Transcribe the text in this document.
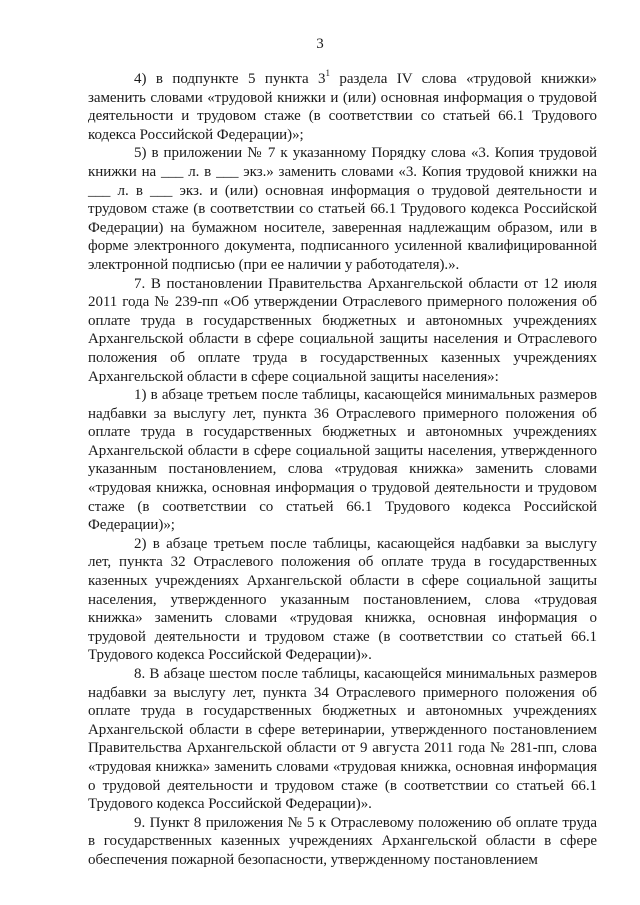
3

4) в подпункте 5 пункта $3^1$ раздела IV слова «трудовой книжки» заменить словами «трудовой книжки и (или) основная информация о трудовой деятельности и трудовом стаже (в соответствии со статьей 66.1 Трудового кодекса Российской Федерации)»;

5) в приложении № 7 к указанному Порядку слова «3. Копия трудовой книжки на ___ л. в ___ экз.» заменить словами «3. Копия трудовой книжки на ___ л. в ___ экз. и (или) основная информация о трудовой деятельности и трудовом стаже (в соответствии со статьей 66.1 Трудового кодекса Российской Федерации) на бумажном носителе, заверенная надлежащим образом, или в форме электронного документа, подписанного усиленной квалифицированной электронной подписью (при ее наличии у работодателя).».

7. В постановлении Правительства Архангельской области от 12 июля 2011 года № 239-пп «Об утверждении Отраслевого примерного положения об оплате труда в государственных бюджетных и автономных учреждениях Архангельской области в сфере социальной защиты населения и Отраслевого положения об оплате труда в государственных казенных учреждениях Архангельской области в сфере социальной защиты населения»:

1) в абзаце третьем после таблицы, касающейся минимальных размеров надбавки за выслугу лет, пункта 36 Отраслевого примерного положения об оплате труда в государственных бюджетных и автономных учреждениях Архангельской области в сфере социальной защиты населения, утвержденного указанным постановлением, слова «трудовая книжка» заменить словами «трудовая книжка, основная информация о трудовой деятельности и трудовом стаже (в соответствии со статьей 66.1 Трудового кодекса Российской Федерации)»;

2) в абзаце третьем после таблицы, касающейся надбавки за выслугу лет, пункта 32 Отраслевого положения об оплате труда в государственных казенных учреждениях Архангельской области в сфере социальной защиты населения, утвержденного указанным постановлением, слова «трудовая книжка» заменить словами «трудовая книжка, основная информация о трудовой деятельности и трудовом стаже (в соответствии со статьей 66.1 Трудового кодекса Российской Федерации)».

8. В абзаце шестом после таблицы, касающейся минимальных размеров надбавки за выслугу лет, пункта 34 Отраслевого примерного положения об оплате труда в государственных бюджетных и автономных учреждениях Архангельской области в сфере ветеринарии, утвержденного постановлением Правительства Архангельской области от 9 августа 2011 года № 281-пп, слова «трудовая книжка» заменить словами «трудовая книжка, основная информация о трудовой деятельности и трудовом стаже (в соответствии со статьей 66.1 Трудового кодекса Российской Федерации)».

9. Пункт 8 приложения № 5 к Отраслевому положению об оплате труда в государственных казенных учреждениях Архангельской области в сфере обеспечения пожарной безопасности, утвержденному постановлением
